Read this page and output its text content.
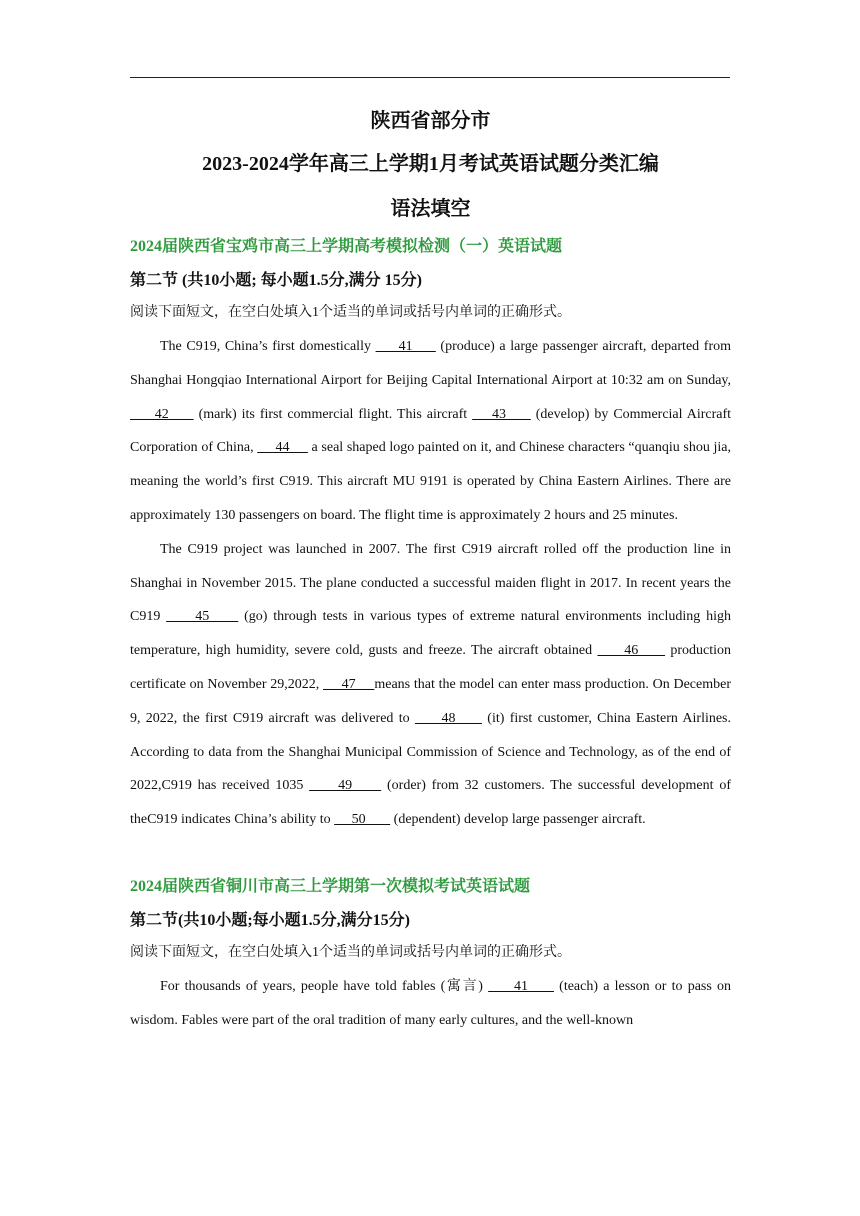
陕西省部分市
2023-2024学年高三上学期1月考试英语试题分类汇编
语法填空
2024届陕西省宝鸡市高三上学期高考模拟检测（一）英语试题
第二节 (共10小题; 每小题1.5分,满分 15分)
阅读下面短文，在空白处填入1个适当的单词或括号内单词的正确形式。

The C919, China’s first domestically      41      (produce) a large passenger aircraft, departed from Shanghai Hongqiao International Airport for Beijing Capital International Airport at 10:32 am on Sunday,      42      (mark) its first commercial flight. This aircraft     43      (develop) by Commercial Aircraft Corporation of China,      44      a seal shaped logo painted on it, and Chinese characters “quanqiu shou jia, meaning the world’s first C919. This aircraft MU 9191 is operated by China Eastern Airlines. There are approximately 130 passengers on board. The flight time is approximately 2 hours and 25 minutes.

The C919 project was launched in 2007. The first C919 aircraft rolled off the production line in Shanghai in November 2015. The plane conducted a successful maiden flight in 2017. In recent years the C919      45      (go) through tests in various types of extreme natural environments including high temperature, high humidity, severe cold, gusts and freeze. The aircraft obtained      46      production certificate on November 29,2022,      47     means that the model can enter mass production. On December 9, 2022, the first C919 aircraft was delivered to      48      (it) first customer, China Eastern Airlines. According to data from the Shanghai Municipal Commission of Science and Technology, as of the end of 2022,C919 has received 1035      49      (order) from 32 customers. The successful development of theC919 indicates China’s ability to      50        (dependent) develop large passenger aircraft.

2024届陕西省铜川市高三上学期第一次模拟考试英语试题
第二节(共10小题;每小题1.5分,满分15分)
阅读下面短文，在空白处填入1个适当的单词或括号内单词的正确形式。

For thousands of years, people have told fables (寓言)      41      (teach) a lesson or to pass on wisdom. Fables were part of the oral tradition of many early cultures, and the well-known
